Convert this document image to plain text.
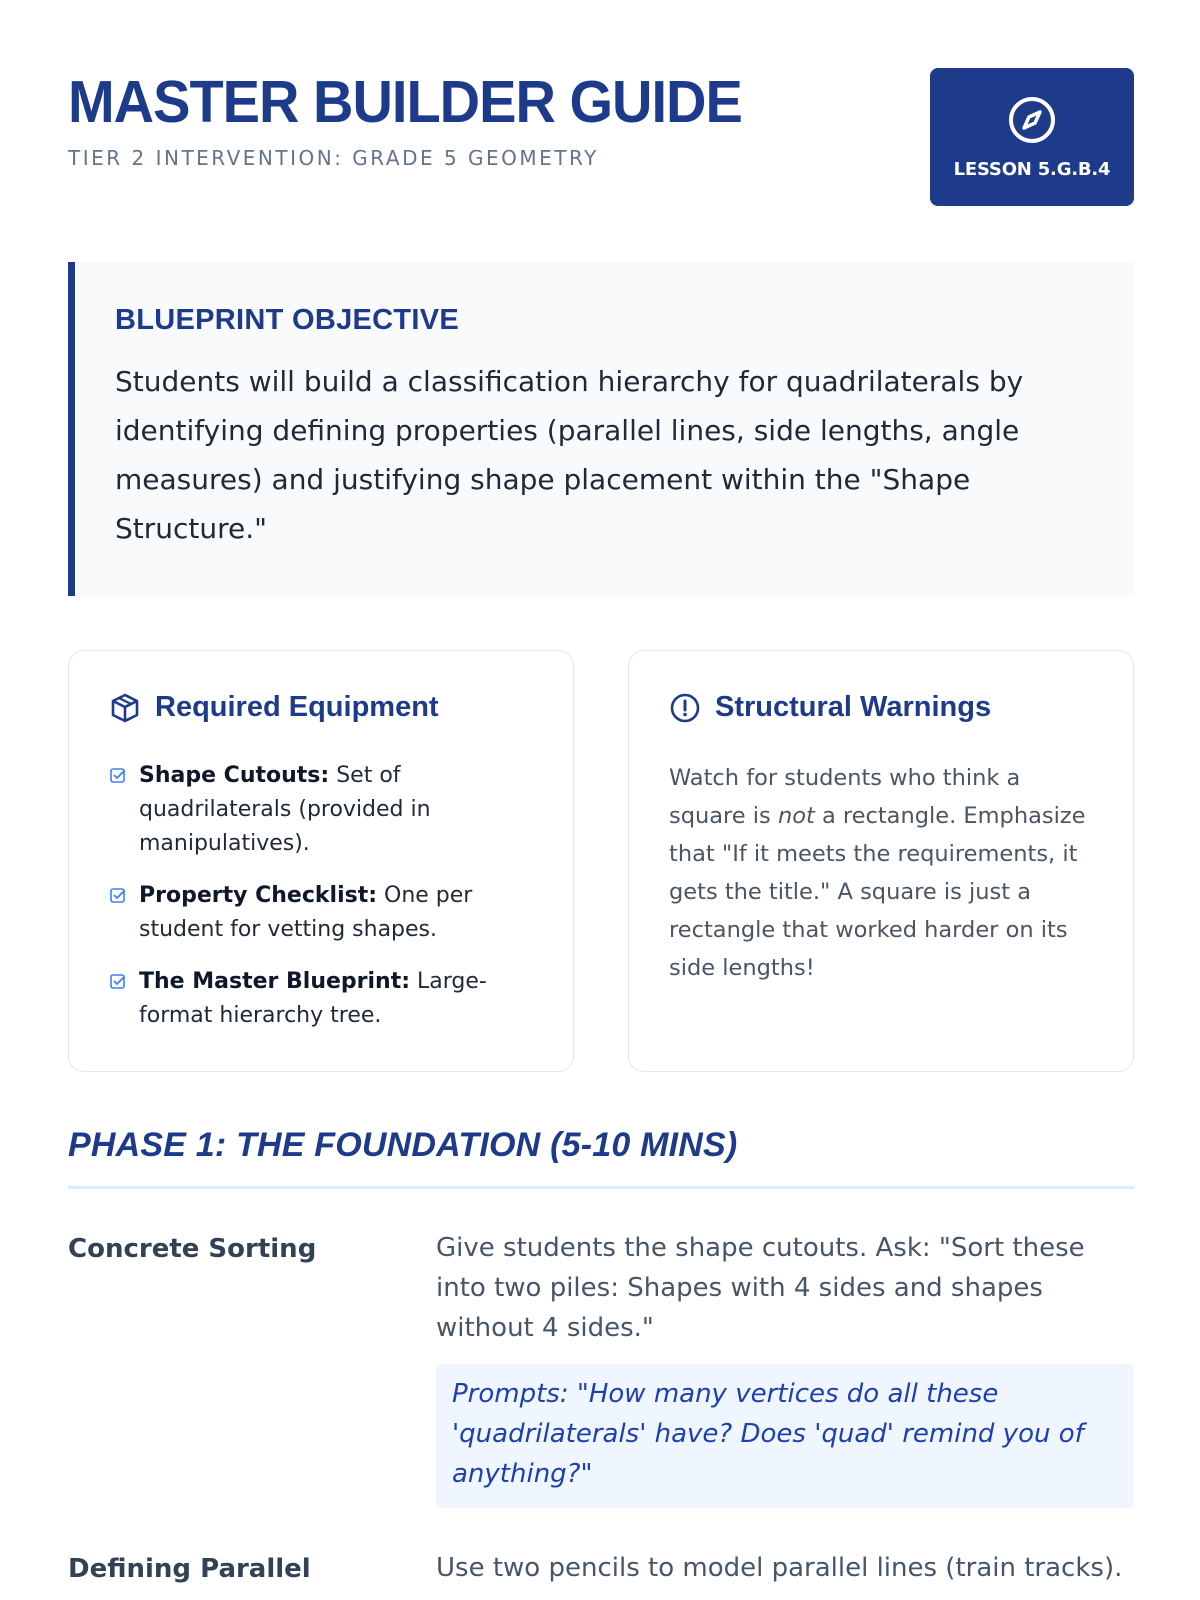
MASTER BUILDER GUIDE
TIER 2 INTERVENTION: GRADE 5 GEOMETRY	LESSON 5.G.B.4
BLUEPRINT OBJECTIVE

Students will build a classification hierarchy for quadrilaterals by identifying defining properties (parallel lines, side lengths, angle measures) and justifying shape placement within the "Shape Structure."

Required Equipment
Shape Cutouts: Set of quadrilaterals (provided in manipulatives).
Property Checklist: One per student for vetting shapes.
The Master Blueprint: Large-format hierarchy tree.
Structural Warnings

Watch for students who think a square is not a rectangle. Emphasize that "If it meets the requirements, it gets the title." A square is just a rectangle that worked harder on its side lengths!

PHASE 1: THE FOUNDATION (5-10 MINS)
Concrete Sorting	Give students the shape cutouts. Ask: "Sort these into two piles: Shapes with 4 sides and shapes without 4 sides."

Prompts: "How many vertices do all these 'quadrilaterals' have? Does 'quad' remind you of anything?"
Defining Parallel	Use two pencils to model parallel lines (train tracks).
